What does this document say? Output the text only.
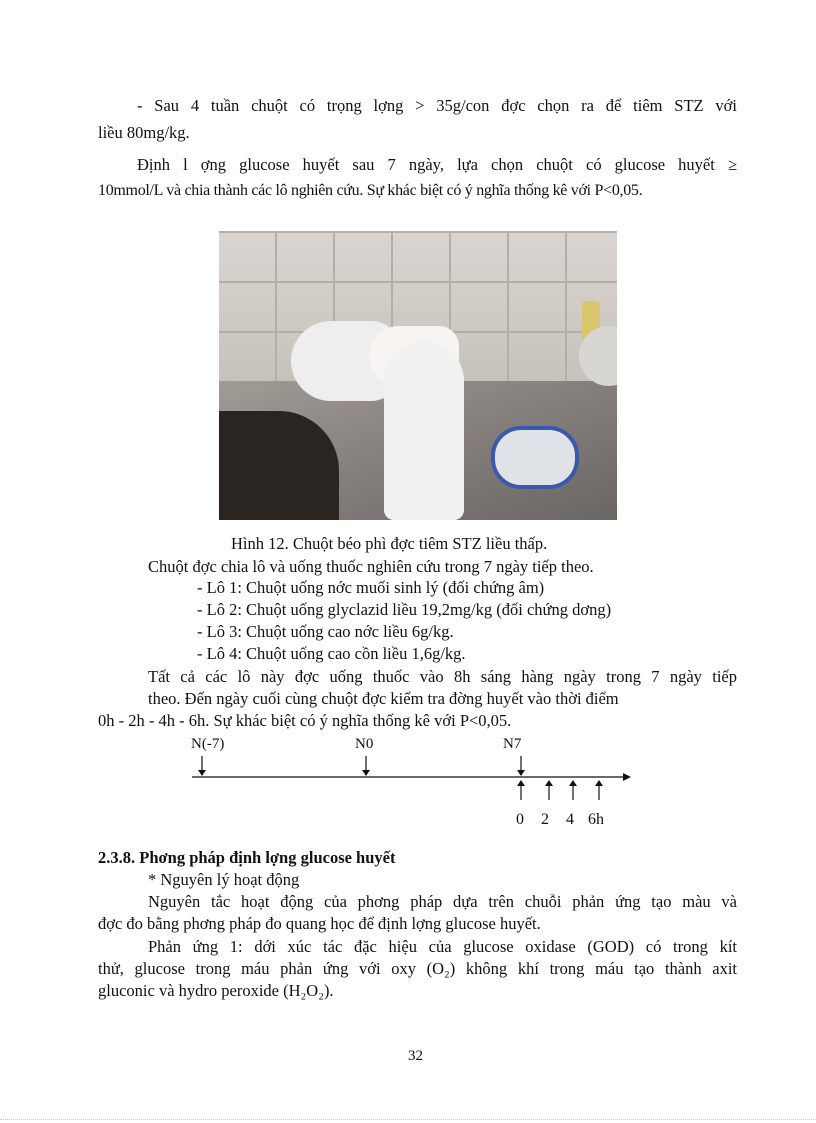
- Sau 4 tuần chuột có trọng lợng > 35g/con đợc chọn ra để tiêm STZ với
liều 80mg/kg.
Định l ợng glucose huyết sau 7 ngày, lựa chọn chuột có glucose huyết ≥
10mmol/L và chia thành các lô nghiên cứu. Sự khác biệt có ý nghĩa thống kê với P<0,05.
Hình 12. Chuột béo phì đợc tiêm STZ liều thấp.
Chuột đợc chia lô và uống thuốc nghiên cứu trong 7 ngày tiếp theo.
- Lô 1: Chuột uống nớc muối sinh lý (đối chứng âm)
- Lô 2: Chuột uống glyclazid liều 19,2mg/kg (đối chứng dơng)
- Lô 3: Chuột uống cao nớc liều 6g/kg.
- Lô 4: Chuột uống cao cồn liều 1,6g/kg.
Tất cả các lô này đợc uống thuốc vào 8h sáng hàng ngày trong 7 ngày tiếp
theo. Đến ngày cuối cùng chuột đợc kiểm tra đờng huyết vào thời điểm
0h - 2h - 4h - 6h. Sự khác biệt có ý nghĩa thống kê với P<0,05.
N(-7)	N0	N7
0 2 4 6h
2.3.8. Phơng pháp định lợng glucose huyết
* Nguyên lý hoạt động
Nguyên tắc hoạt động của phơng pháp dựa trên chuỗi phản ứng tạo màu và
đợc đo bằng phơng pháp đo quang học để định lợng glucose huyết.
Phản ứng 1: dới xúc tác đặc hiệu của glucose oxidase (GOD) có trong kít
thử, glucose trong máu phản ứng với oxy (O₂) không khí trong máu tạo thành axit
gluconic và hydro peroxide (H₂O₂).
32
